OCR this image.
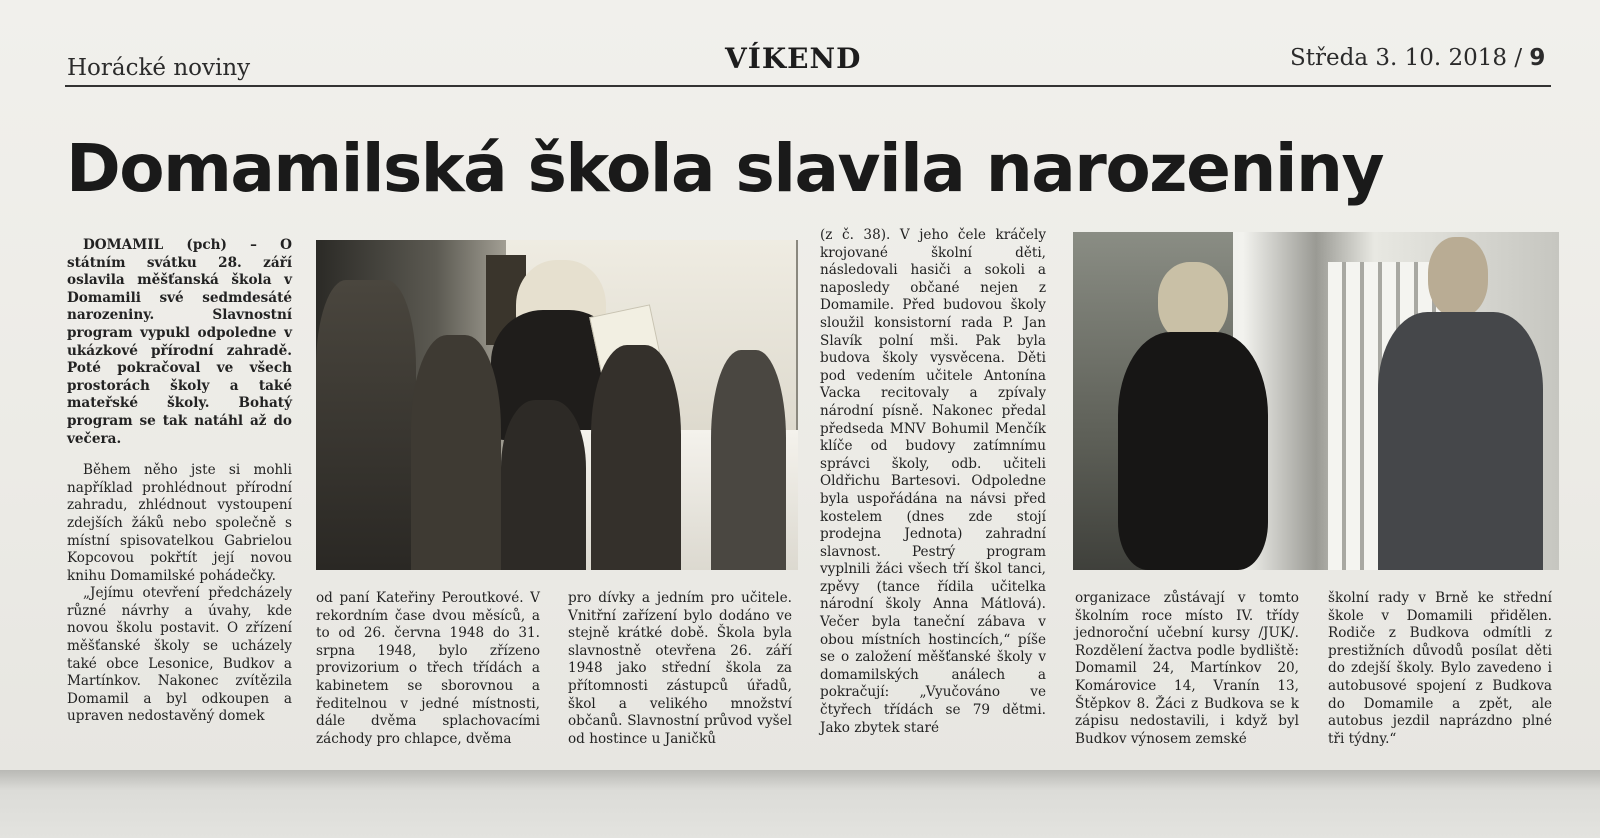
Horácké noviny	VÍKEND	Středa 3. 10. 2018 / 9
Domamilská škola slavila narozeniny

DOMAMIL (pch) – O státním svátku 28. září oslavila měšťanská škola v Domamili své sedmdesáté narozeniny. Slavnostní program vypukl odpoledne v ukázkové přírodní zahradě. Poté pokračoval ve všech prostorách školy a také mateřské školy. Bohatý program se tak natáhl až do večera.

Během něho jste si mohli například prohlédnout přírodní zahradu, zhlédnout vystoupení zdejších žáků nebo společně s místní spisovatelkou Gabrielou Kopcovou pokřtít její novou knihu Domamilské pohádečky.

„Jejímu otevření předcházely různé návrhy a úvahy, kde novou školu postavit. O zřízení měšťanské školy se ucházely také obce Lesonice, Budkov a Martínkov. Nakonec zvítězila Domamil a byl odkoupen a upraven nedostavěný domek

od paní Kateřiny Peroutkové. V rekordním čase dvou měsíců, a to od 26. června 1948 do 31. srpna 1948, bylo zřízeno provizorium o třech třídách a kabinetem se sborovnou a ředitelnou v jedné místnosti, dále dvěma splachovacími záchody pro chlapce, dvěma

pro dívky a jedním pro učitele. Vnitřní zařízení bylo dodáno ve stejně krátké době. Škola byla slavnostně otevřena 26. září 1948 jako střední škola za přítomnosti zástupců úřadů, škol a velikého množství občanů. Slavnostní průvod vyšel od hostince u Janičků

(z č. 38). V jeho čele kráčely krojované školní děti, následovali hasiči a sokoli a naposledy občané nejen z Domamile. Před budovou školy sloužil konsistorní rada P. Jan Slavík polní mši. Pak byla budova školy vysvěcena. Děti pod vedením učitele Antonína Vacka recitovaly a zpívaly národní písně. Nakonec předal předseda MNV Bohumil Menčík klíče od budovy zatímnímu správci školy, odb. učiteli Oldřichu Bartesovi. Odpoledne byla uspořádána na návsi před kostelem (dnes zde stojí prodejna Jednota) zahradní slavnost. Pestrý program vyplnili žáci všech tří škol tanci, zpěvy (tance řídila učitelka národní školy Anna Mátlová). Večer byla taneční zábava v obou místních hostincích,“ píše se o založení měšťanské školy v domamilských análech a pokračují: „Vyučováno ve čtyřech třídách se 79 dětmi. Jako zbytek staré

organizace zůstávají v tomto školním roce místo IV. třídy jednoroční učební kursy /JUK/. Rozdělení žactva podle bydliště: Domamil 24, Martínkov 20, Komárovice 14, Vranín 13, Štěpkov 8. Žáci z Budkova se k zápisu nedostavili, i když byl Budkov výnosem zemské

školní rady v Brně ke střední škole v Domamili přidělen. Rodiče z Budkova odmítli z prestižních důvodů posílat děti do zdejší školy. Bylo zavedeno i autobusové spojení z Budkova do Domamile a zpět, ale autobus jezdil naprázdno plné tři týdny.“
